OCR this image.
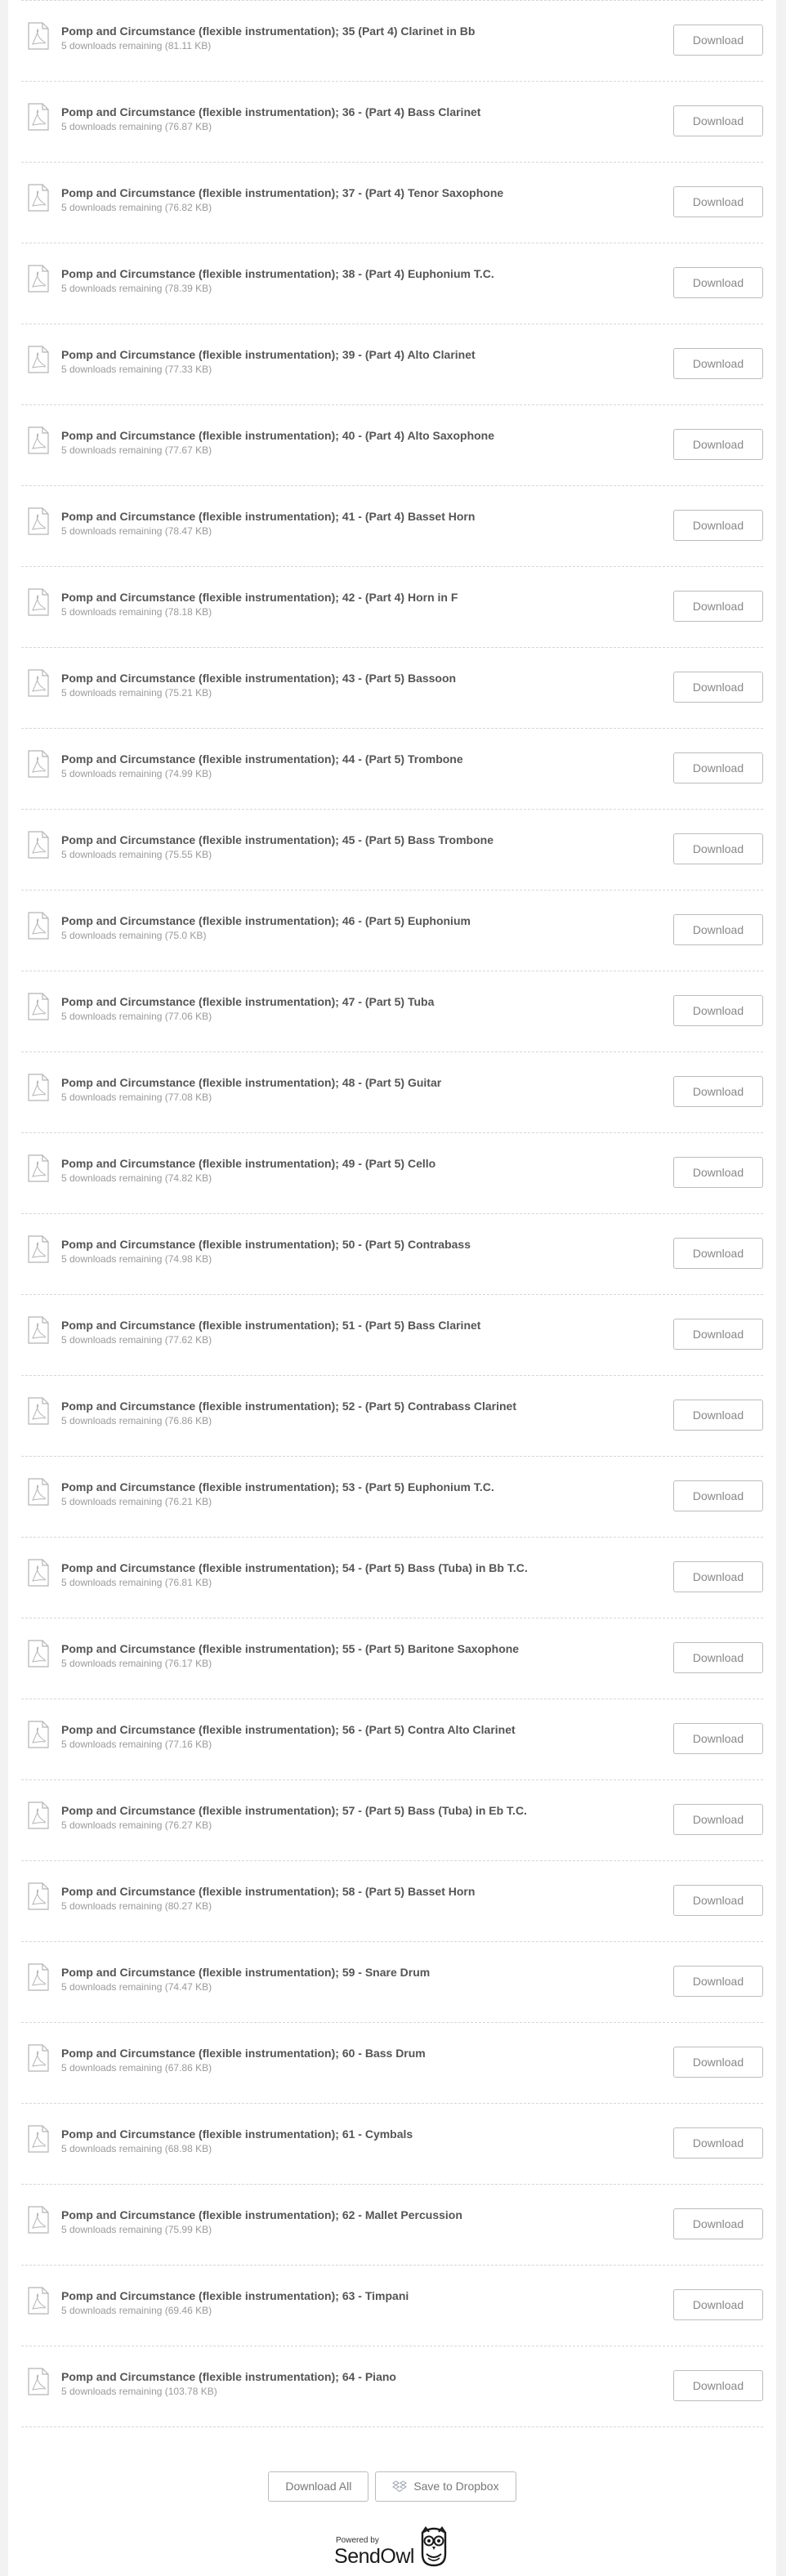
Pomp and Circumstance (flexible instrumentation); 35 (Part 4) Clarinet in Bb
5 downloads remaining (81.11 KB)	Download
Pomp and Circumstance (flexible instrumentation); 36 - (Part 4) Bass Clarinet
5 downloads remaining (76.87 KB)	Download
Pomp and Circumstance (flexible instrumentation); 37 - (Part 4) Tenor Saxophone
5 downloads remaining (76.82 KB)	Download
Pomp and Circumstance (flexible instrumentation); 38 - (Part 4) Euphonium T.C.
5 downloads remaining (78.39 KB)	Download
Pomp and Circumstance (flexible instrumentation); 39 - (Part 4) Alto Clarinet
5 downloads remaining (77.33 KB)	Download
Pomp and Circumstance (flexible instrumentation); 40 - (Part 4) Alto Saxophone
5 downloads remaining (77.67 KB)	Download
Pomp and Circumstance (flexible instrumentation); 41 - (Part 4) Basset Horn
5 downloads remaining (78.47 KB)	Download
Pomp and Circumstance (flexible instrumentation); 42 - (Part 4) Horn in F
5 downloads remaining (78.18 KB)	Download
Pomp and Circumstance (flexible instrumentation); 43 - (Part 5) Bassoon
5 downloads remaining (75.21 KB)	Download
Pomp and Circumstance (flexible instrumentation); 44 - (Part 5) Trombone
5 downloads remaining (74.99 KB)	Download
Pomp and Circumstance (flexible instrumentation); 45 - (Part 5) Bass Trombone
5 downloads remaining (75.55 KB)	Download
Pomp and Circumstance (flexible instrumentation); 46 - (Part 5) Euphonium
5 downloads remaining (75.0 KB)	Download
Pomp and Circumstance (flexible instrumentation); 47 - (Part 5) Tuba
5 downloads remaining (77.06 KB)	Download
Pomp and Circumstance (flexible instrumentation); 48 - (Part 5) Guitar
5 downloads remaining (77.08 KB)	Download
Pomp and Circumstance (flexible instrumentation); 49 - (Part 5) Cello
5 downloads remaining (74.82 KB)	Download
Pomp and Circumstance (flexible instrumentation); 50 - (Part 5) Contrabass
5 downloads remaining (74.98 KB)	Download
Pomp and Circumstance (flexible instrumentation); 51 - (Part 5) Bass Clarinet
5 downloads remaining (77.62 KB)	Download
Pomp and Circumstance (flexible instrumentation); 52 - (Part 5) Contrabass Clarinet
5 downloads remaining (76.86 KB)	Download
Pomp and Circumstance (flexible instrumentation); 53 - (Part 5) Euphonium T.C.
5 downloads remaining (76.21 KB)	Download
Pomp and Circumstance (flexible instrumentation); 54 - (Part 5) Bass (Tuba) in Bb T.C.
5 downloads remaining (76.81 KB)	Download
Pomp and Circumstance (flexible instrumentation); 55 - (Part 5) Baritone Saxophone
5 downloads remaining (76.17 KB)	Download
Pomp and Circumstance (flexible instrumentation); 56 - (Part 5) Contra Alto Clarinet
5 downloads remaining (77.16 KB)	Download
Pomp and Circumstance (flexible instrumentation); 57 - (Part 5) Bass (Tuba) in Eb T.C.
5 downloads remaining (76.27 KB)	Download
Pomp and Circumstance (flexible instrumentation); 58 - (Part 5) Basset Horn
5 downloads remaining (80.27 KB)	Download
Pomp and Circumstance (flexible instrumentation); 59 - Snare Drum
5 downloads remaining (74.47 KB)	Download
Pomp and Circumstance (flexible instrumentation); 60 - Bass Drum
5 downloads remaining (67.86 KB)	Download
Pomp and Circumstance (flexible instrumentation); 61 - Cymbals
5 downloads remaining (68.98 KB)	Download
Pomp and Circumstance (flexible instrumentation); 62 - Mallet Percussion
5 downloads remaining (75.99 KB)	Download
Pomp and Circumstance (flexible instrumentation); 63 - Timpani
5 downloads remaining (69.46 KB)	Download
Pomp and Circumstance (flexible instrumentation); 64 - Piano
5 downloads remaining (103.78 KB)	Download
Download All	Save to Dropbox
Powered by
SendOwl
